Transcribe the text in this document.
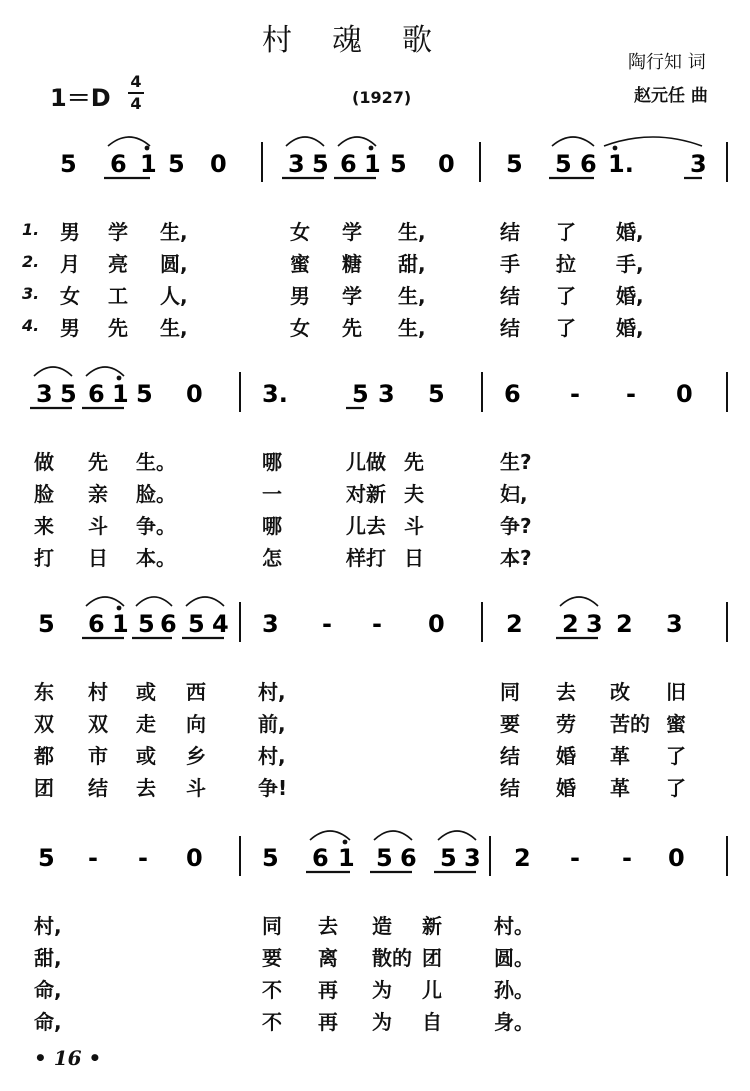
村魂歌
陶行知 词
赵元任 曲
1＝D
4
4	(1927)
5 6 1 5 0	3 5 6 1 5 0 5 5 6 1. 3
3 5 6 1 5 0 3.	5 3 5 6 - - 0
5 6 1 5 6 5 4 3 - - 0	2 2 3 2 3
5 - - 0 5 6 1 5 6 5 3 2 - - 0
1. 男 学 生,	女 学 生,	结 了 婚,
2. 月 亮 圆,	蜜 糖 甜,	手 拉 手,
3. 女 工 人,	男 学 生,	结 了 婚,
4. 男 先 生,	女 先 生,	结 了 婚,
做 先 生。	哪	儿做 先	生?
脸 亲 脸。	一	对新 夫	妇,
来 斗 争。	哪	儿去 斗	争?
打 日 本。	怎	样打 日	本?
东 村 或 西	村,	同 去 改 旧
双 双 走 向	前,	要 劳 苦的 蜜
都 市 或 乡	村,	结 婚 革 了
团 结 去 斗	争!	结 婚 革 了
村,	同 去 造 新	村。
甜,	要 离 散的 团	圆。
命,	不 再 为 儿	孙。
命,	不 再 为 自	身。
• 16 •
